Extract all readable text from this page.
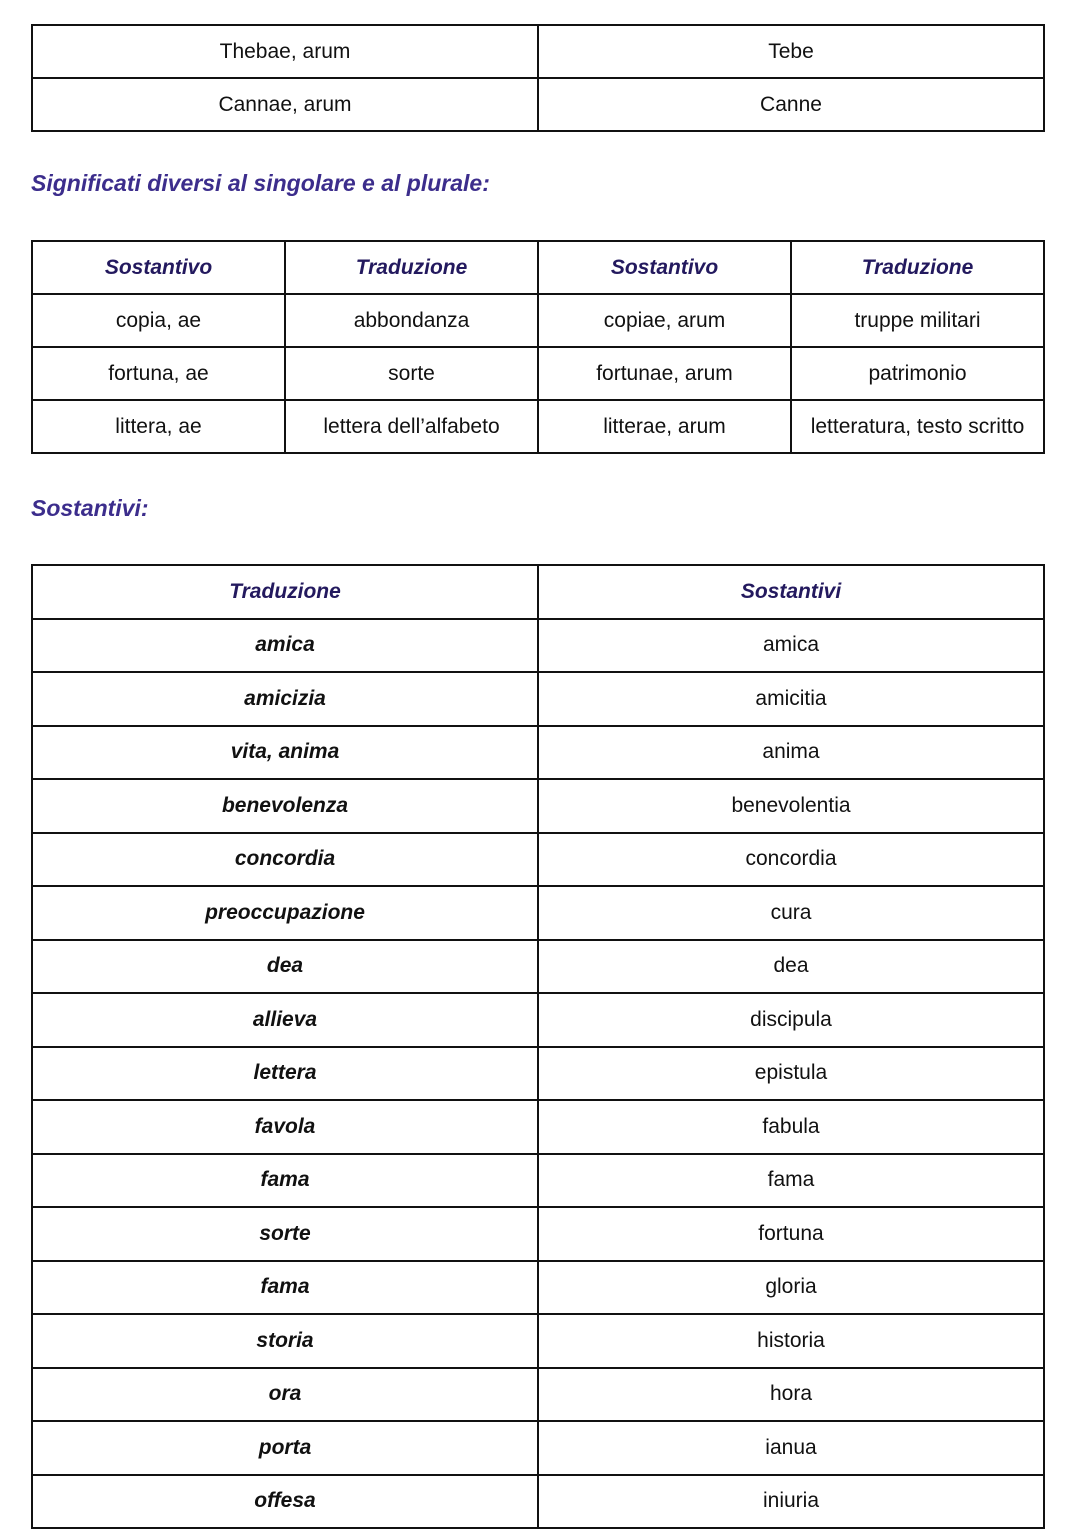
Thebae, arum	Tebe
Cannae, arum	Canne
Significati diversi al singolare e al plurale:
Sostantivo	Traduzione	Sostantivo	Traduzione
copia, ae	abbondanza	copiae, arum	truppe militari
fortuna, ae	sorte	fortunae, arum	patrimonio
littera, ae	lettera dell’alfabeto	litterae, arum	letteratura, testo scritto
Sostantivi:
Traduzione	Sostantivi
amica	amica
amicizia	amicitia
vita, anima	anima
benevolenza	benevolentia
concordia	concordia
preoccupazione	cura
dea	dea
allieva	discipula
lettera	epistula
favola	fabula
fama	fama
sorte	fortuna
fama	gloria
storia	historia
ora	hora
porta	ianua
offesa	iniuria
